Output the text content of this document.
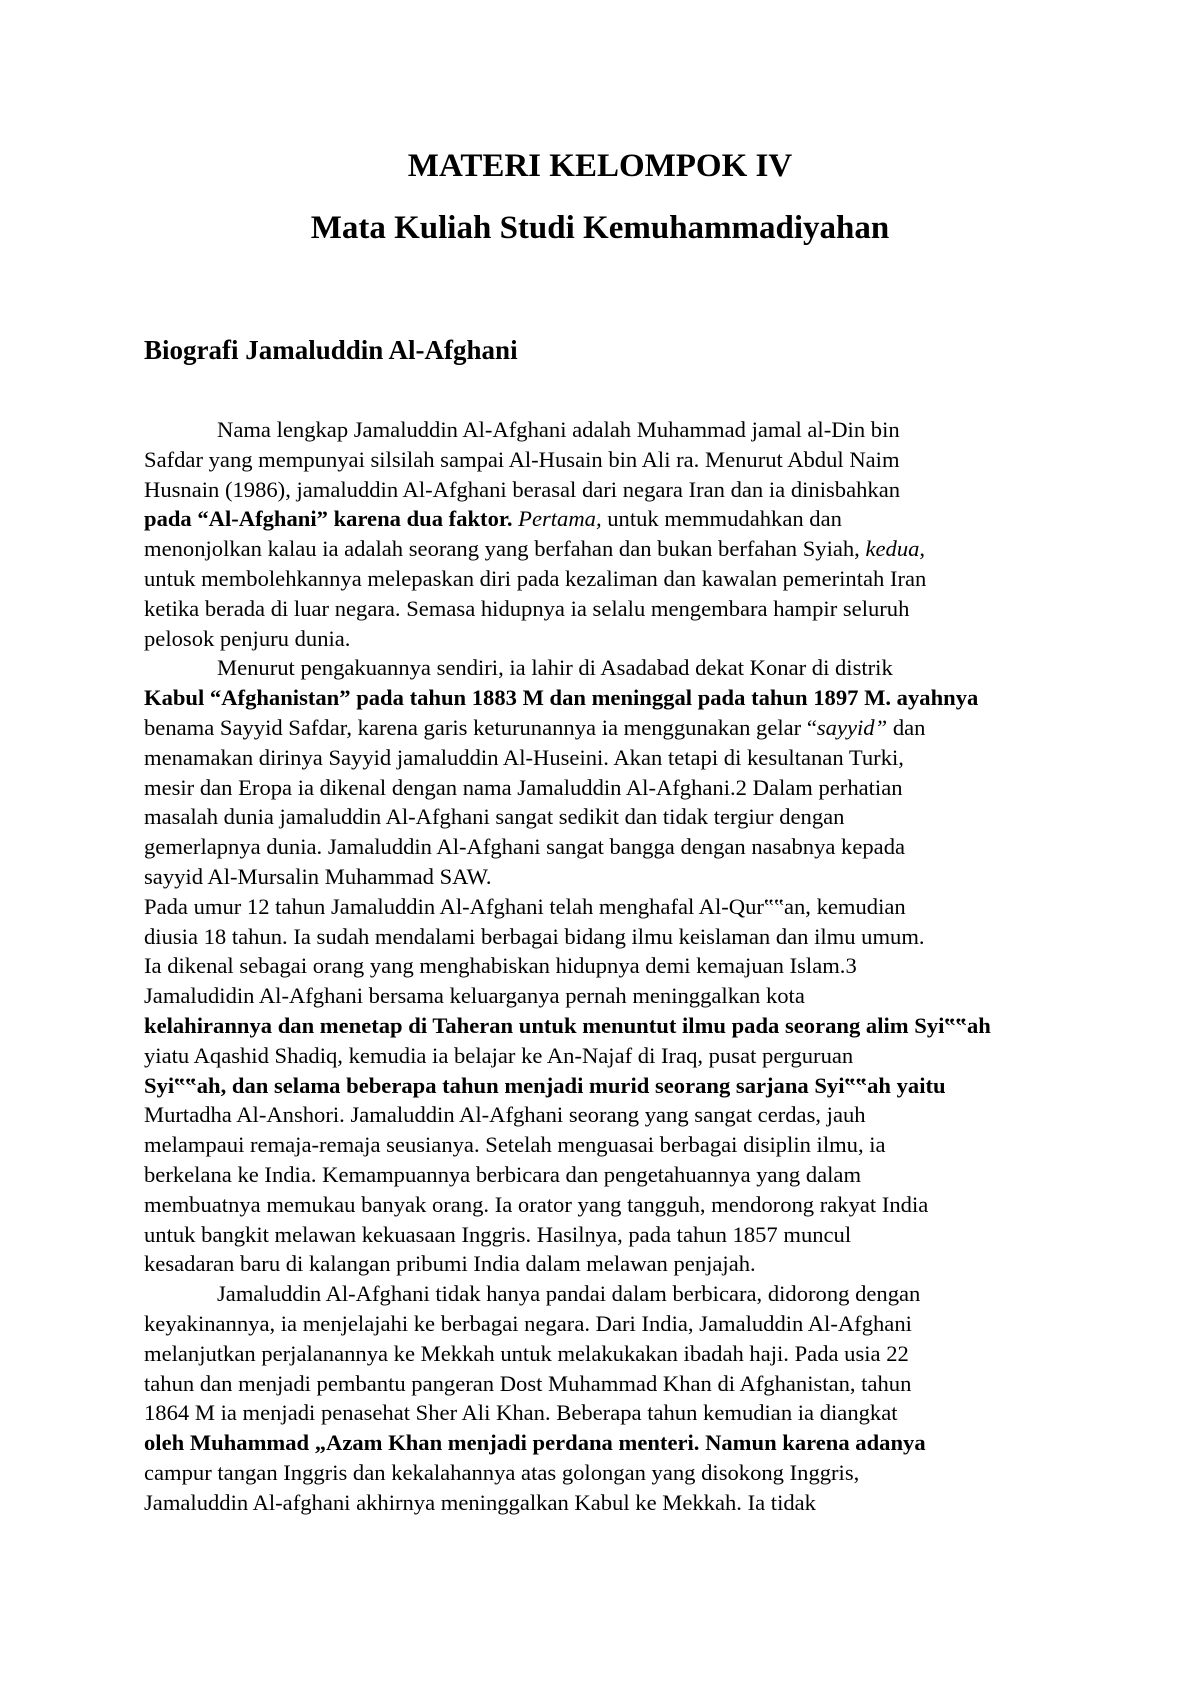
MATERI KELOMPOK IV
Mata Kuliah Studi Kemuhammadiyahan
Biografi Jamaluddin Al-Afghani
Nama lengkap Jamaluddin Al-Afghani adalah Muhammad jamal al-Din bin
Safdar yang mempunyai silsilah sampai Al-Husain bin Ali ra. Menurut Abdul Naim
Husnain (1986), jamaluddin Al-Afghani berasal dari negara Iran dan ia dinisbahkan
pada “Al-Afghani” karena dua faktor. Pertama, untuk memmudahkan dan
menonjolkan kalau ia adalah seorang yang berfahan dan bukan berfahan Syiah, kedua,
untuk membolehkannya melepaskan diri pada kezaliman dan kawalan pemerintah Iran
ketika berada di luar negara. Semasa hidupnya ia selalu mengembara hampir seluruh
pelosok penjuru dunia.
Menurut pengakuannya sendiri, ia lahir di Asadabad dekat Konar di distrik
Kabul “Afghanistan” pada tahun 1883 M dan meninggal pada tahun 1897 M. ayahnya
benama Sayyid Safdar, karena garis keturunannya ia menggunakan gelar “sayyid” dan
menamakan dirinya Sayyid jamaluddin Al-Huseini. Akan tetapi di kesultanan Turki,
mesir dan Eropa ia dikenal dengan nama Jamaluddin Al-Afghani.2 Dalam perhatian
masalah dunia jamaluddin Al-Afghani sangat sedikit dan tidak tergiur dengan
gemerlapnya dunia. Jamaluddin Al-Afghani sangat bangga dengan nasabnya kepada
sayyid Al-Mursalin Muhammad SAW.
Pada umur 12 tahun Jamaluddin Al-Afghani telah menghafal Al-Qur‟‟an, kemudian
diusia 18 tahun. Ia sudah mendalami berbagai bidang ilmu keislaman dan ilmu umum.
Ia dikenal sebagai orang yang menghabiskan hidupnya demi kemajuan Islam.3
Jamaludidin Al-Afghani bersama keluarganya pernah meninggalkan kota
kelahirannya dan menetap di Taheran untuk menuntut ilmu pada seorang alim Syi‟‟ah
yiatu Aqashid Shadiq, kemudia ia belajar ke An-Najaf di Iraq, pusat perguruan
Syi‟‟ah, dan selama beberapa tahun menjadi murid seorang sarjana Syi‟‟ah yaitu
Murtadha Al-Anshori. Jamaluddin Al-Afghani seorang yang sangat cerdas, jauh
melampaui remaja-remaja seusianya. Setelah menguasai berbagai disiplin ilmu, ia
berkelana ke India. Kemampuannya berbicara dan pengetahuannya yang dalam
membuatnya memukau banyak orang. Ia orator yang tangguh, mendorong rakyat India
untuk bangkit melawan kekuasaan Inggris. Hasilnya, pada tahun 1857 muncul
kesadaran baru di kalangan pribumi India dalam melawan penjajah.
Jamaluddin Al-Afghani tidak hanya pandai dalam berbicara, didorong dengan
keyakinannya, ia menjelajahi ke berbagai negara. Dari India, Jamaluddin Al-Afghani
melanjutkan perjalanannya ke Mekkah untuk melakukakan ibadah haji. Pada usia 22
tahun dan menjadi pembantu pangeran Dost Muhammad Khan di Afghanistan, tahun
1864 M ia menjadi penasehat Sher Ali Khan. Beberapa tahun kemudian ia diangkat
oleh Muhammad „Azam Khan menjadi perdana menteri. Namun karena adanya
campur tangan Inggris dan kekalahannya atas golongan yang disokong Inggris,
Jamaluddin Al-afghani akhirnya meninggalkan Kabul ke Mekkah. Ia tidak
